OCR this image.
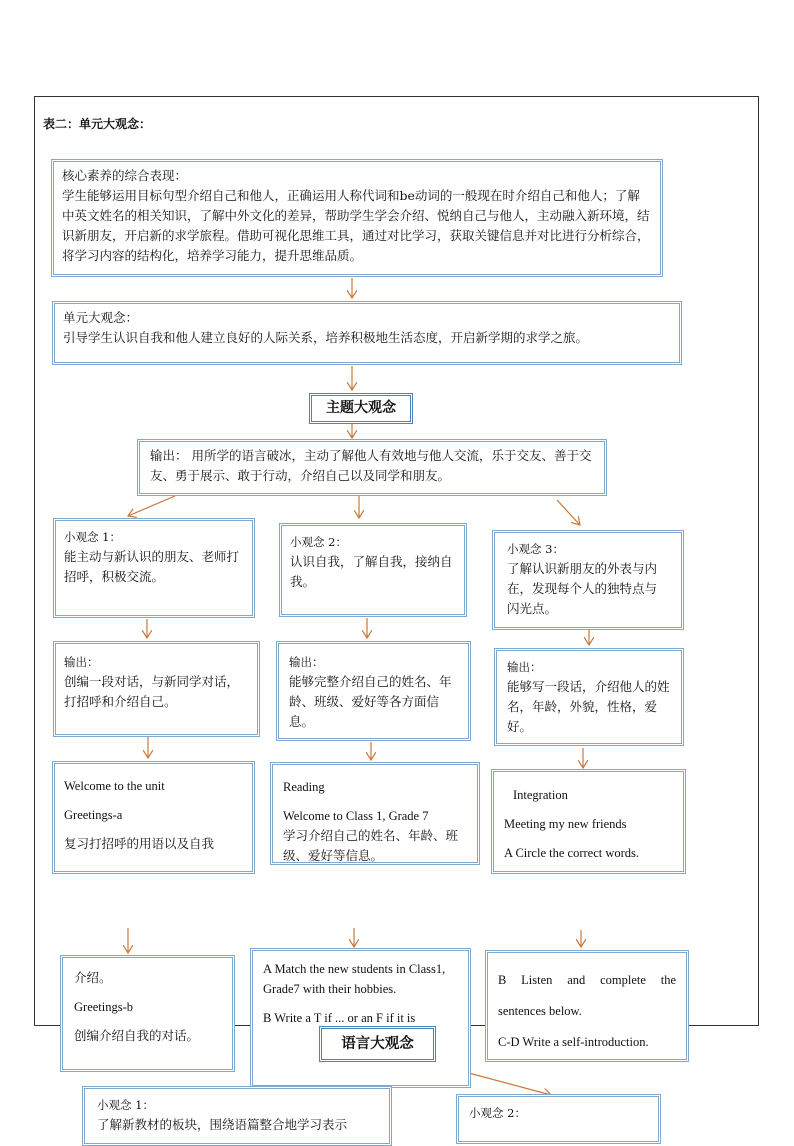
表二：单元大观念：

核心素养的综合表现：

学生能够运用目标句型介绍自己和他人，正确运用人称代词和be动词的一般现在时介绍自己和他人；了解中英文姓名的相关知识，了解中外文化的差异，帮助学生学会介绍、悦纳自己与他人，主动融入新环境，结识新朋友，开启新的求学旅程。借助可视化思维工具，通过对比学习，获取关键信息并对比进行分析综合，将学习内容的结构化，培养学习能力，提升思维品质。

单元大观念：

引导学生认识自我和他人建立良好的人际关系，培养积极地生活态度，开启新学期的求学之旅。

主题大观念

输出： 用所学的语言破冰，主动了解他人有效地与他人交流，乐于交友、善于交友、勇于展示、敢于行动，介绍自己以及同学和朋友。

小观念 1：

能主动与新认识的朋友、老师打招呼，积极交流。

小观念 2：

认识自我，了解自我，接纳自我。

小观念 3：

了解认识新朋友的外表与内在，发现每个人的独特点与闪光点。

输出：

创编一段对话，与新同学对话，打招呼和介绍自己。

输出：

能够完整介绍自己的姓名、年龄、班级、爱好等各方面信息。

输出：

能够写一段话，介绍他人的姓名，年龄，外貌，性格，爱好。

Welcome to the unit

Greetings-a

复习打招呼的用语以及自我

Reading

Welcome to Class 1, Grade 7

学习介绍自己的姓名、年龄、班级、爱好等信息。

Integration

Meeting my new friends

A Circle the correct words.

介绍。

Greetings-b

创编介绍自我的对话。

A Match the new students in Class1, Grade7 with their hobbies.

B Write a T if ... or an F if it is

B Listen and complete the sentences below.

C-D Write a self-introduction.

语言大观念

小观念 1：

了解新教材的板块，围绕语篇整合地学习表示

小观念 2：
